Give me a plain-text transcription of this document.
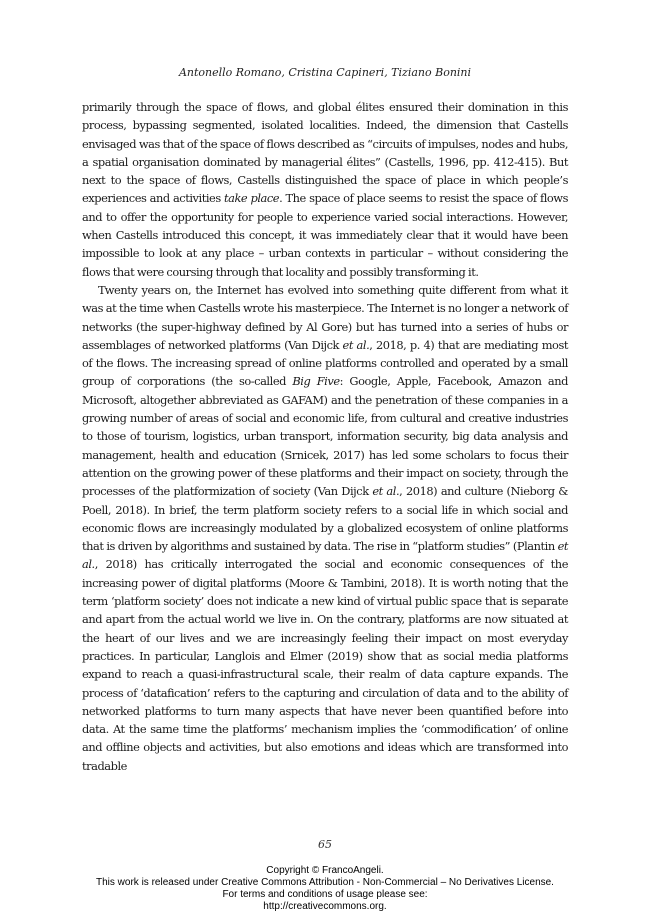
Antonello Romano, Cristina Capineri, Tiziano Bonini

primarily through the space of flows, and global élites ensured their domination in this process, bypassing segmented, isolated localities. Indeed, the dimension that Castells envisaged was that of the space of flows described as “circuits of impulses, nodes and hubs, a spatial organisation dominated by managerial élites” (Castells, 1996, pp. 412-415). But next to the space of flows, Castells distinguished the space of place in which people’s experiences and activities take place. The space of place seems to resist the space of flows and to offer the opportunity for people to experience varied social interactions. However, when Castells introduced this concept, it was immediately clear that it would have been impossible to look at any place – urban contexts in particular – without considering the flows that were coursing through that locality and possibly transforming it.

Twenty years on, the Internet has evolved into something quite different from what it was at the time when Castells wrote his masterpiece. The Internet is no longer a network of networks (the super-highway defined by Al Gore) but has turned into a series of hubs or assemblages of networked platforms (Van Dijck et al., 2018, p. 4) that are mediating most of the flows. The increasing spread of online platforms controlled and operated by a small group of corporations (the so-called Big Five: Google, Apple, Facebook, Amazon and Microsoft, altogether abbreviated as GAFAM) and the penetration of these companies in a growing number of areas of social and economic life, from cultural and creative industries to those of tourism, logistics, urban transport, information security, big data analysis and management, health and education (Srnicek, 2017) has led some scholars to focus their attention on the growing power of these platforms and their impact on society, through the processes of the platformization of society (Van Dijck et al., 2018) and culture (Nieborg & Poell, 2018). In brief, the term platform society refers to a social life in which social and economic flows are increasingly modulated by a globalized ecosystem of online platforms that is driven by algorithms and sustained by data. The rise in “platform studies” (Plantin et al., 2018) has critically interrogated the social and economic consequences of the increasing power of digital platforms (Moore & Tambini, 2018). It is worth noting that the term ‘platform society’ does not indicate a new kind of virtual public space that is separate and apart from the actual world we live in. On the contrary, platforms are now situated at the heart of our lives and we are increasingly feeling their impact on most everyday practices. In particular, Langlois and Elmer (2019) show that as social media platforms expand to reach a quasi-infrastructural scale, their realm of data capture expands. The process of ‘datafication’ refers to the capturing and circulation of data and to the ability of networked platforms to turn many aspects that have never been quantified before into data. At the same time the platforms’ mechanism implies the ‘commodification’ of online and offline objects and activities, but also emotions and ideas which are transformed into tradable

65
Copyright © FrancoAngeli.
This work is released under Creative Commons Attribution - Non-Commercial – No Derivatives License.
For terms and conditions of usage please see:
http://creativecommons.org.
